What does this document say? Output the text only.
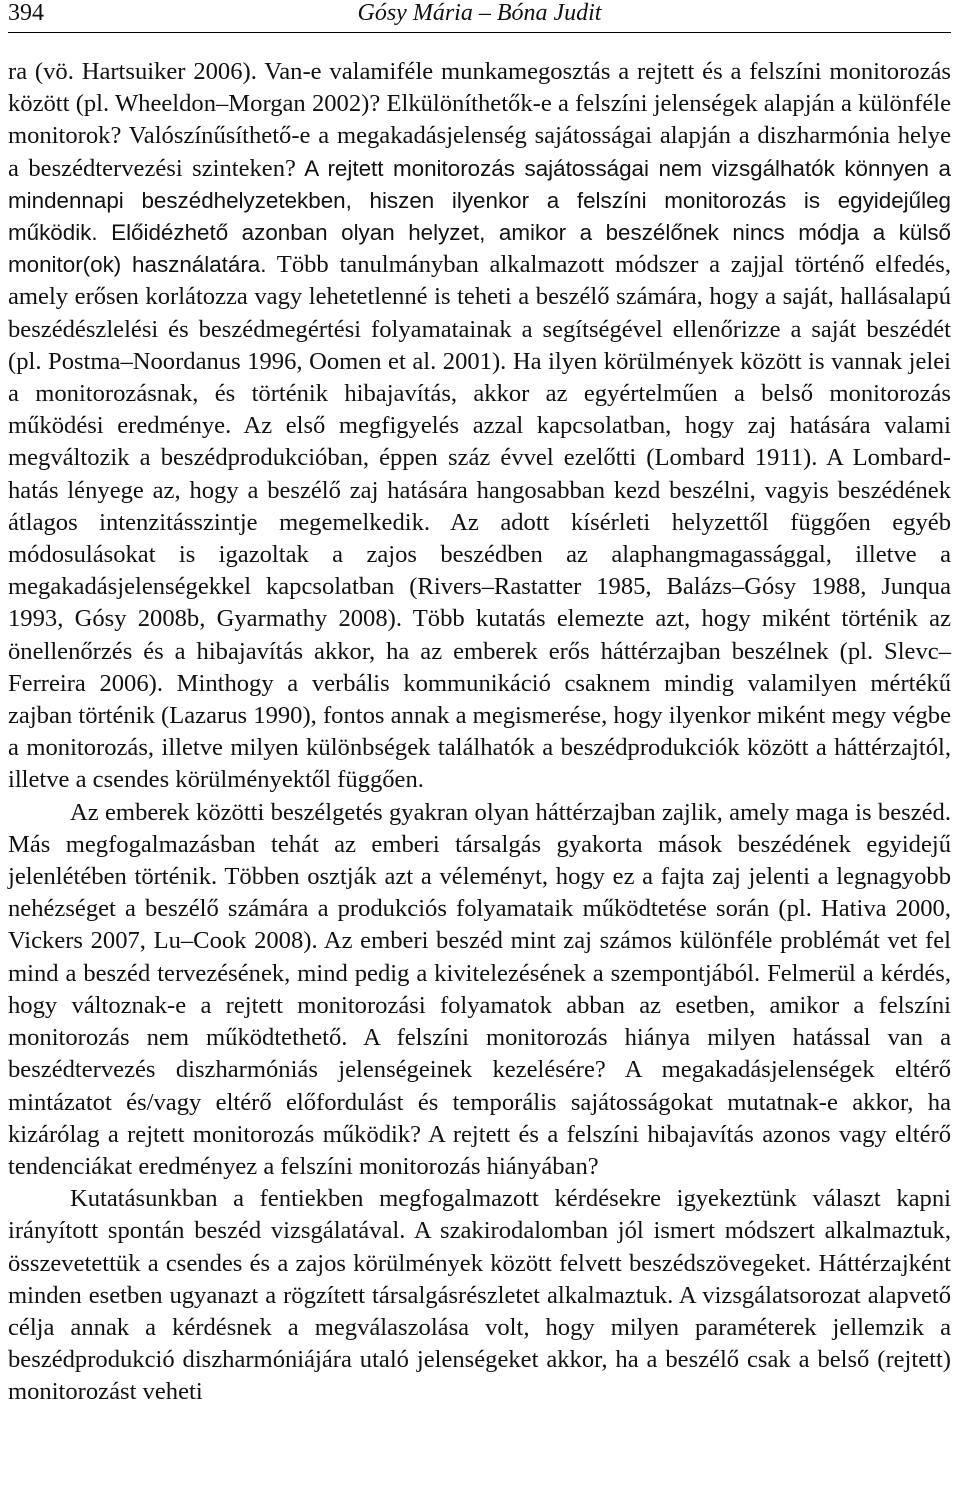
394	Gósy Mária – Bóna Judit

ra (vö. Hartsuiker 2006). Van-e valamiféle munkamegosztás a rejtett és a felszíni monitorozás között (pl. Wheeldon–Morgan 2002)? Elkülöníthetők-e a felszíni jelenségek alapján a különféle monitorok? Valószínűsíthető-e a megakadásjelenség sajátosságai alapján a diszharmónia helye a beszédtervezési szinteken? A rejtett monitorozás sajátosságai nem vizsgálhatók könnyen a mindennapi beszédhelyzetekben, hiszen ilyenkor a felszíni monitorozás is egyidejűleg működik. Előidézhető azonban olyan helyzet, amikor a beszélőnek nincs módja a külső monitor(ok) használatára. Több tanulmányban alkalmazott módszer a zajjal történő elfedés, amely erősen korlátozza vagy lehetetlenné is teheti a beszélő számára, hogy a saját, hallásalapú beszédészlelési és beszédmegértési folyamatainak a segítségével ellenőrizze a saját beszédét (pl. Postma–Noordanus 1996, Oomen et al. 2001). Ha ilyen körülmények között is vannak jelei a monitorozásnak, és történik hibajavítás, akkor az egyértelműen a belső monitorozás működési eredménye. Az első megfigyelés azzal kapcsolatban, hogy zaj hatására valami megváltozik a beszédprodukcióban, éppen száz évvel ezelőtti (Lombard 1911). A Lombard-hatás lényege az, hogy a beszélő zaj hatására hangosabban kezd beszélni, vagyis beszédének átlagos intenzitásszintje megemelkedik. Az adott kísérleti helyzettől függően egyéb módosulásokat is igazoltak a zajos beszédben az alaphangmagassággal, illetve a megakadásjelenségekkel kapcsolatban (Rivers–Rastatter 1985, Balázs–Gósy 1988, Junqua 1993, Gósy 2008b, Gyarmathy 2008). Több kutatás elemezte azt, hogy miként történik az önellenőrzés és a hibajavítás akkor, ha az emberek erős háttérzajban beszélnek (pl. Slevc–Ferreira 2006). Minthogy a verbális kommunikáció csaknem mindig valamilyen mértékű zajban történik (Lazarus 1990), fontos annak a megismerése, hogy ilyenkor miként megy végbe a monitorozás, illetve milyen különbségek találhatók a beszédprodukciók között a háttérzajtól, illetve a csendes körülményektől függően.

Az emberek közötti beszélgetés gyakran olyan háttérzajban zajlik, amely maga is beszéd. Más megfogalmazásban tehát az emberi társalgás gyakorta mások beszédének egyidejű jelenlétében történik. Többen osztják azt a véleményt, hogy ez a fajta zaj jelenti a legnagyobb nehézséget a beszélő számára a produkciós folyamataik működtetése során (pl. Hativa 2000, Vickers 2007, Lu–Cook 2008). Az emberi beszéd mint zaj számos különféle problémát vet fel mind a beszéd tervezésének, mind pedig a kivitelezésének a szempontjából. Felmerül a kérdés, hogy változnak-e a rejtett monitorozási folyamatok abban az esetben, amikor a felszíni monitorozás nem működtethető. A felszíni monitorozás hiánya milyen hatással van a beszédtervezés diszharmóniás jelenségeinek kezelésére? A megakadásjelenségek eltérő mintázatot és/vagy eltérő előfordulást és temporális sajátosságokat mutatnak-e akkor, ha kizárólag a rejtett monitorozás működik? A rejtett és a felszíni hibajavítás azonos vagy eltérő tendenciákat eredményez a felszíni monitorozás hiányában?

Kutatásunkban a fentiekben megfogalmazott kérdésekre igyekeztünk választ kapni irányított spontán beszéd vizsgálatával. A szakirodalomban jól ismert módszert alkalmaztuk, összevetettük a csendes és a zajos körülmények között felvett beszédszövegeket. Háttérzajként minden esetben ugyanazt a rögzített társalgásrészletet alkalmaztuk. A vizsgálatsorozat alapvető célja annak a kérdésnek a megválaszolása volt, hogy milyen paraméterek jellemzik a beszédprodukció diszharmóniájára utaló jelenségeket akkor, ha a beszélő csak a belső (rejtett) monitorozást veheti
